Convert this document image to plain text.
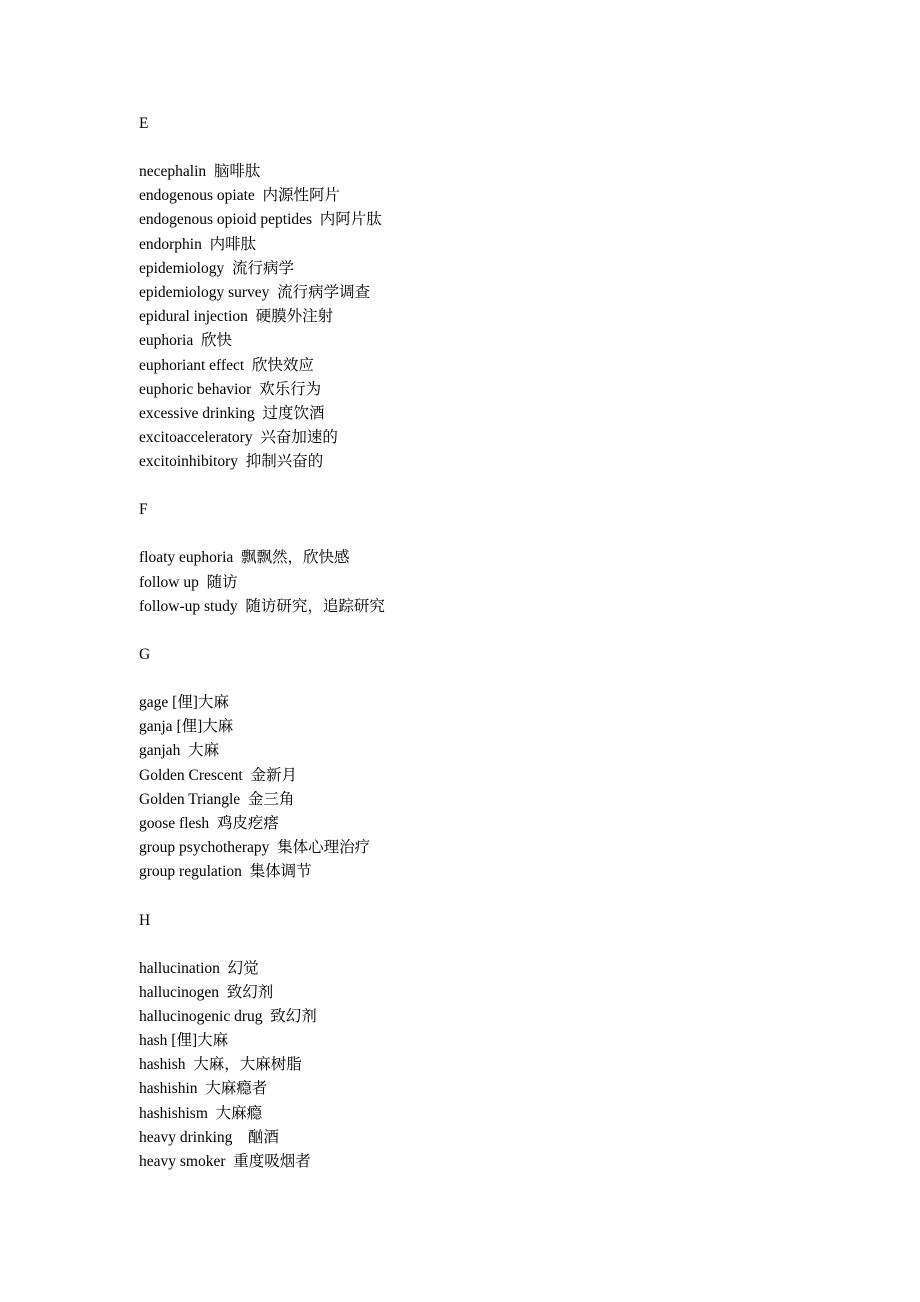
E
necephalin  脑啡肽
endogenous opiate  内源性阿片
endogenous opioid peptides  内阿片肽
endorphin  内啡肽
epidemiology  流行病学
epidemiology survey  流行病学调查
epidural injection  硬膜外注射
euphoria  欣快
euphoriant effect  欣快效应
euphoric behavior  欢乐行为
excessive drinking  过度饮酒
excitoacceleratory  兴奋加速的
excitoinhibitory  抑制兴奋的
F
floaty euphoria  飘飘然，欣快感
follow up  随访
follow-up study  随访研究，追踪研究
G
gage [俚]大麻
ganja [俚]大麻
ganjah  大麻
Golden Crescent  金新月
Golden Triangle  金三角
goose flesh  鸡皮疙瘩
group psychotherapy  集体心理治疗
group regulation  集体调节
H
hallucination  幻觉
hallucinogen  致幻剂
hallucinogenic drug  致幻剂
hash [俚]大麻
hashish  大麻，大麻树脂
hashishin  大麻瘾者
hashishism  大麻瘾
heavy drinking    酗酒
heavy smoker  重度吸烟者
